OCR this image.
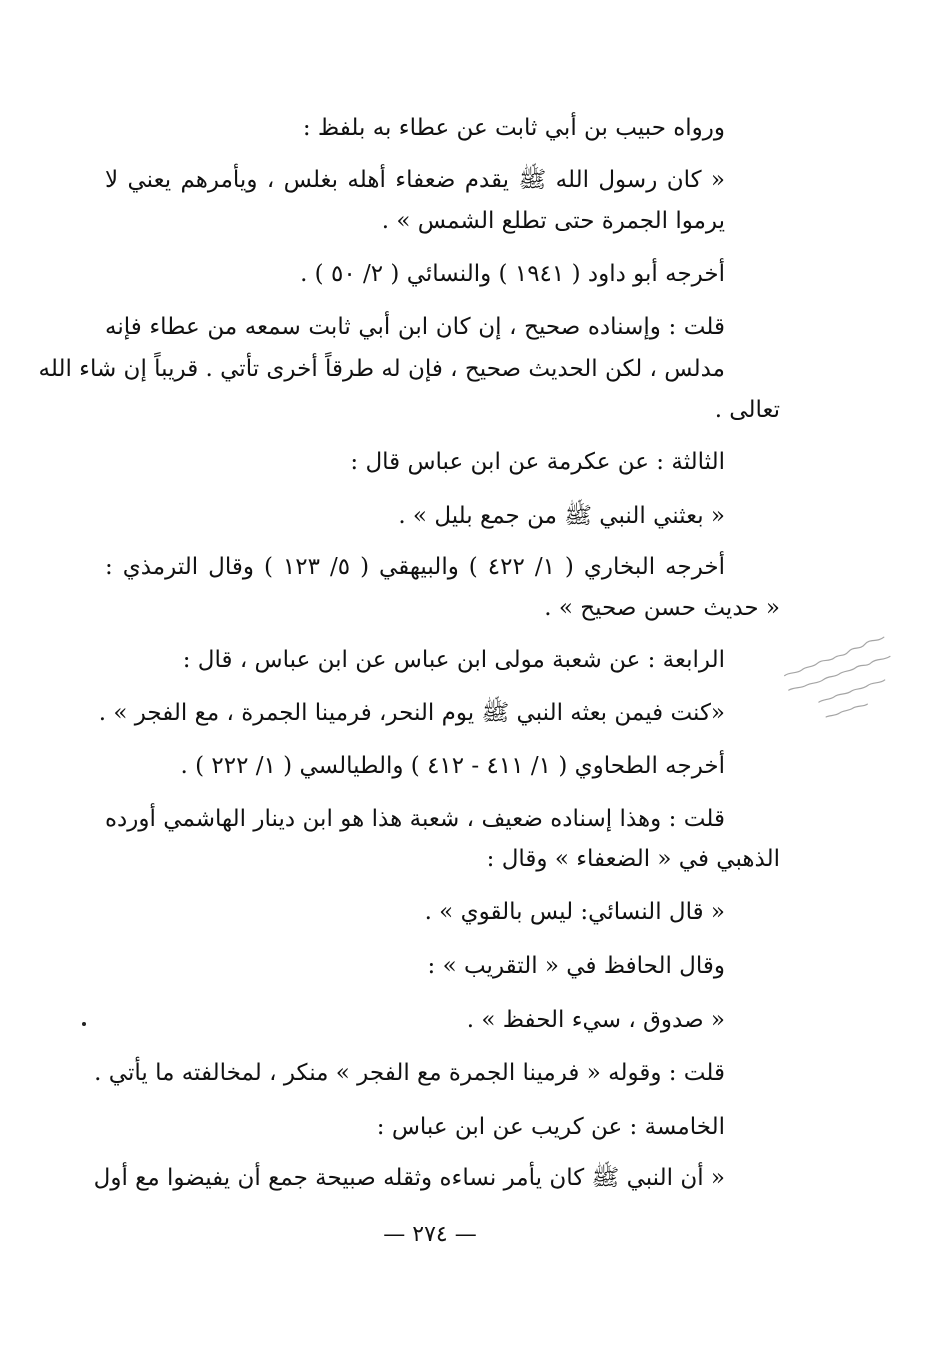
ورواه حبيب بن أبي ثابت عن عطاء به بلفظ :
« كان رسول الله ﷺ يقدم ضعفاء أهله بغلس ، ويأمرهم يعني لا
يرموا الجمرة حتى تطلع الشمس » .
أخرجه أبو داود ( ١٩٤١ ) والنسائي ( ٢/ ٥٠ ) .
قلت : وإسناده صحيح ، إن كان ابن أبي ثابت سمعه من عطاء فإنه
مدلس ، لكن الحديث صحيح ، فإن له طرقاً أخرى تأتي . قريباً إن شاء الله
تعالى .
الثالثة : عن عكرمة عن ابن عباس قال :
« بعثني النبي ﷺ من جمع بليل » .
أخرجه البخاري ( ١/ ٤٢٢ ) والبيهقي ( ٥/ ١٢٣ ) وقال الترمذي :
« حديث حسن صحيح » .
الرابعة : عن شعبة مولى ابن عباس عن ابن عباس ، قال :
«كنت فيمن بعثه النبي ﷺ يوم النحر، فرمينا الجمرة ، مع الفجر » .
أخرجه الطحاوي ( ١/ ٤١١ - ٤١٢ ) والطيالسي ( ١/ ٢٢٢ ) .
قلت : وهذا إسناده ضعيف ، شعبة هذا هو ابن دينار الهاشمي أورده
الذهبي في « الضعفاء » وقال :
« قال النسائي: ليس بالقوي » .
وقال الحافظ في « التقريب » :
« صدوق ، سيء الحفظ » .
قلت : وقوله « فرمينا الجمرة مع الفجر » منكر ، لمخالفته ما يأتي .
الخامسة : عن كريب عن ابن عباس :
« أن النبي ﷺ كان يأمر نساءه وثقله صبيحة جمع أن يفيضوا مع أول
— ٢٧٤ —
